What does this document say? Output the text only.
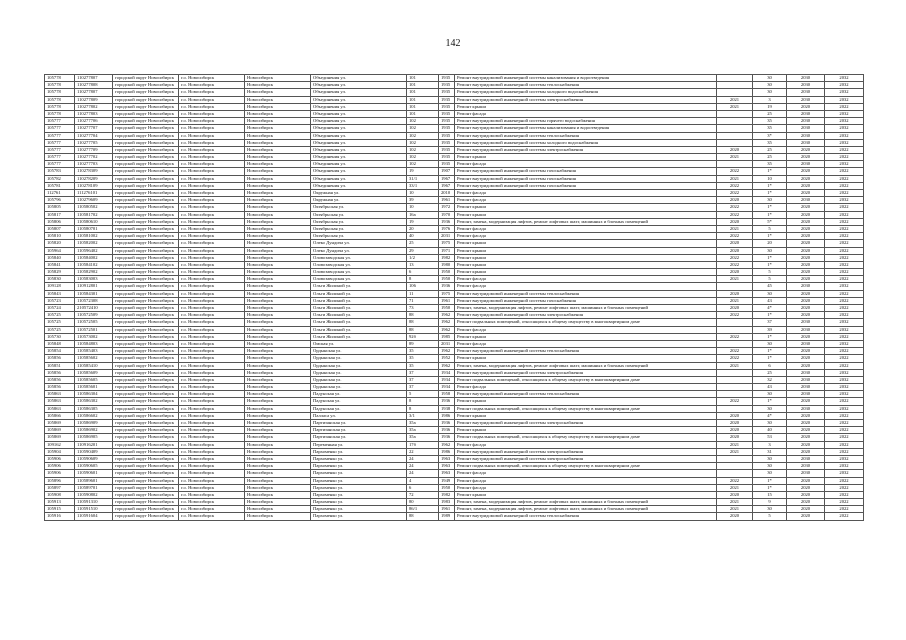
142
105778	110277807	городской округ Новосибирск	г.о. Новосибирск	Новосибирск	Объединения ул.	101	1935	Ремонт внутридомовой инженерной системы канализования и водоотведения		30	2030	2032
105778	110277808	городской округ Новосибирск	г.о. Новосибирск	Новосибирск	Объединения ул.	101	1935	Ремонт внутридомовой инженерной системы теплоснабжения		30	2030	2032
105778	110277807	городской округ Новосибирск	г.о. Новосибирск	Новосибирск	Объединения ул.	101	1935	Ремонт внутридомовой инженерной системы холодного водоснабжения		30	2030	2032
105778	110277809	городской округ Новосибирск	г.о. Новосибирск	Новосибирск	Объединения ул.	101	1935	Ремонт внутридомовой инженерной системы электроснабжения	2021	3	2030	2032
105778	110277802	городской округ Новосибирск	г.о. Новосибирск	Новосибирск	Объединения ул.	101	1935	Ремонт крыши	2021	19	2020	2022
105778	110277803	городской округ Новосибирск	г.о. Новосибирск	Новосибирск	Объединения ул.	101	1935	Ремонт фасада		25	2030	2032
105777	110277706	городской округ Новосибирск	г.о. Новосибирск	Новосибирск	Объединения ул.	102	1935	Ремонт внутридомовой инженерной системы горячего водоснабжения		35	2030	2032
105777	110277707	городской округ Новосибирск	г.о. Новосибирск	Новосибирск	Объединения ул.	102	1935	Ремонт внутридомовой инженерной системы канализования и водоотведения		35	2030	2032
105777	110277704	городской округ Новосибирск	г.о. Новосибирск	Новосибирск	Объединения ул.	102	1935	Ремонт внутридомовой инженерной системы теплоснабжения		3*	2030	2032
105777	110277705	городской округ Новосибирск	г.о. Новосибирск	Новосибирск	Объединения ул.	102	1935	Ремонт внутридомовой инженерной системы холодного водоснабжения		35	2030	2032
105777	110277709	городской округ Новосибирск	г.о. Новосибирск	Новосибирск	Объединения ул.	102	1935	Ремонт внутридомовой инженерной системы электроснабжения	2020	25	2020	2022
105777	110277702	городской округ Новосибирск	г.о. Новосибирск	Новосибирск	Объединения ул.	102	1935	Ремонт крыши	2021	25	2020	2022
105777	110277703	городской округ Новосибирск	г.о. Новосибирск	Новосибирск	Объединения ул.	102	1935	Ремонт фасада		35	2030	2032
105783	110278309	городской округ Новосибирск	г.о. Новосибирск	Новосибирск	Объединения ул.	19	1907	Ремонт внутридомовой инженерной системы газоснабжения	2022	1*	2020	2022
105782	110278209	городской округ Новосибирск	г.о. Новосибирск	Новосибирск	Объединения ул.	31/1	1967	Ремонт внутридомовой инженерной системы газоснабжения	2021	10	2020	2022
105781	110278109	городской округ Новосибирск	г.о. Новосибирск	Новосибирск	Объединения ул.	33/1	1967	Ремонт внутридомовой инженерной системы газоснабжения	2022	1*	2020	2022
112761	111276101	городской округ Новосибирск	г.о. Новосибирск	Новосибирск	Окружная ул.	10	2010	Ремонт фасада	2022	1*	2020	2022
105796	110279609	городской округ Новосибирск	г.о. Новосибирск	Новосибирск	Окружная ул.	39	1961	Ремонт фасада	2020	30	2030	2032
105805	110580502	городской округ Новосибирск	г.о. Новосибирск	Новосибирск	Октябрьская ул.	10	1972	Ремонт крыши	2022	1*	2020	2022
105817	110581702	городской округ Новосибирск	г.о. Новосибирск	Новосибирск	Октябрьская ул.	16а	1970	Ремонт крыши	2022	1*	2020	2022
105806	110580610	городской округ Новосибирск	г.о. Новосибирск	Новосибирск	Октябрьская ул.	19	1936	Ремонт, замена, модернизация лифтов, ремонт лифтовых шахт, машинных и блочных помещений	2020	5*	2020	2022
105807	110580701	городской округ Новосибирск	г.о. Новосибирск	Новосибирск	Октябрьская ул.	20	1976	Ремонт фасада	2021	5	2020	2022
105810	110581002	городской округ Новосибирск	г.о. Новосибирск	Новосибирск	Октябрьская ул.	40	2031	Ремонт фасада	2022	1*	2020	2022
105820	110582002	городской округ Новосибирск	г.о. Новосибирск	Новосибирск	Олеко Дундича ул.	25	1975	Ремонт крыши	2020	20	2020	2022
105964	110596402	городской округ Новосибирск	г.о. Новосибирск	Новосибирск	Олеко Дундича ул.	29	1971	Ремонт крыши	2020	30	2020	2022
105840	110584002	городской округ Новосибирск	г.о. Новосибирск	Новосибирск	Оловозаводская ул.	1/2	1982	Ремонт крыши	2022	1*	2020	2022
105841	110584102	городской округ Новосибирск	г.о. Новосибирск	Новосибирск	Оловозаводская ул.	13	1980	Ремонт крыши	2022	1*	2020	2022
105829	110582902	городской округ Новосибирск	г.о. Новосибирск	Новосибирск	Оловозаводская ул.	6	1950	Ремонт крыши	2020	5	2020	2022
105830	110583003	городской округ Новосибирск	г.о. Новосибирск	Новосибирск	Оловозаводская ул.	8	1950	Ремонт фасада	2021	5	2020	2022
109128	110912801	городской округ Новосибирск	г.о. Новосибирск	Новосибирск	Ольги Жилиной ул.	106	1936	Ремонт фасада		45	2030	2032
105843	110584301	городской округ Новосибирск	г.о. Новосибирск	Новосибирск	Ольги Жилиной ул.	11	1975	Ремонт внутридомовой инженерной системы теплоснабжения	2020	30	2020	2022
105723	110572308	городской округ Новосибирск	г.о. Новосибирск	Новосибирск	Ольги Жилиной ул.	71	1961	Ремонт внутридомовой инженерной системы газоснабжения	2021	43	2020	2022
105724	210572410	городской округ Новосибирск	г.о. Новосибирск	Новосибирск	Ольги Жилиной ул.	73	1950	Ремонт, замена, модернизация лифтов, ремонт лифтовых шахт, машинных и блочных помещений	2020	4*	2020	2022
105725	110572509	городской округ Новосибирск	г.о. Новосибирск	Новосибирск	Ольги Жилиной ул.	88	1962	Ремонт внутридомовой инженерной системы электроснабжения	2022	1*	2020	2022
105725	110572505	городской округ Новосибирск	г.о. Новосибирск	Новосибирск	Ольги Жилиной ул.	88	1962	Ремонт подвальных помещений, относящихся к общему имуществу в многоквартирном доме		37	2030	2032
105725	110572501	городской округ Новосибирск	г.о. Новосибирск	Новосибирск	Ольги Жилиной ул.	88	1962	Ремонт фасада		39	2030	2032
105730	110573002	городской округ Новосибирск	г.о. Новосибирск	Новосибирск	Ольги Жилиной ул.	92б	1985	Ремонт крыши	2022	1*	2020	2022
105848	110584803	городской округ Новосибирск	г.о. Новосибирск	Новосибирск	Омская ул.	89	2031	Ремонт фасада		30	2030	2032
105854	110585403	городской округ Новосибирск	г.о. Новосибирск	Новосибирск	Ордынская ул.	35	1962	Ремонт внутридомовой инженерной системы теплоснабжения	2022	1*	2020	2022
105856	110585602	городской округ Новосибирск	г.о. Новосибирск	Новосибирск	Ордынская ул.	35	1952	Ремонт крыши	2022	1*	2020	2022
105851	110585410	городской округ Новосибирск	г.о. Новосибирск	Новосибирск	Ордынская ул.	35	1962	Ремонт, замена, модернизация лифтов, ремонт лифтовых шахт, машинных и блочных помещений	2021	6	2020	2022
105856	110585609	городской округ Новосибирск	г.о. Новосибирск	Новосибирск	Ордынская ул.	37	1934	Ремонт внутридомовой инженерной системы электроснабжения		25	2030	2032
105856	110585605	городской округ Новосибирск	г.о. Новосибирск	Новосибирск	Ордынская ул.	37	1934	Ремонт подвальных помещений, относящихся к общему имуществу в многоквартирном доме		32	2030	2032
105856	110585601	городской округ Новосибирск	г.о. Новосибирск	Новосибирск	Ордынская ул.	37	1934	Ремонт фасада		43	2030	2032
105863	110586304	городской округ Новосибирск	г.о. Новосибирск	Новосибирск	Падунская ул.	5	1958	Ремонт внутридомовой инженерной системы теплоснабжения		30	2030	2032
105863	110586302	городской округ Новосибирск	г.о. Новосибирск	Новосибирск	Падунская ул.	8	1936	Ремонт крыши	2022	1*	2020	2022
105863	110586305	городской округ Новосибирск	г.о. Новосибирск	Новосибирск	Падунская ул.	8	1938	Ремонт подвальных помещений, относящихся к общему имуществу в многоквартирном доме		30	2030	2032
105866	110586602	городской округ Новосибирск	г.о. Новосибирск	Новосибирск	Палласа ул.	3/1	1986	Ремонт крыши	2020	4*	2020	2022
105869	110586909	городской округ Новосибирск	г.о. Новосибирск	Новосибирск	Партизанская ул.	35а	1936	Ремонт внутридомовой инженерной системы электроснабжения	2020	30	2020	2022
105869	110586902	городской округ Новосибирск	г.о. Новосибирск	Новосибирск	Партизанская ул.	35а	1936	Ремонт крыши	2020	40	2020	2022
105869	110586905	городской округ Новосибирск	г.о. Новосибирск	Новосибирск	Партизанская ул.	35а	1936	Ремонт подвальных помещений, относящихся к общему имуществу в многоквартирном доме	2020	53	2020	2022
109162	110916201	городской округ Новосибирск	г.о. Новосибирск	Новосибирск	Переменная ул.	17б	1962	Ремонт фасада	2021	3	2020	2022
105904	110590409	городской округ Новосибирск	г.о. Новосибирск	Новосибирск	Пархоменко ул.	22	1986	Ремонт внутридомовой инженерной системы электроснабжения	2021	31	2020	2022
105906	110590609	городской округ Новосибирск	г.о. Новосибирск	Новосибирск	Пархоменко ул.	24	1963	Ремонт внутридомовой инженерной системы электроснабжения		30	2030	2032
105906	110590605	городской округ Новосибирск	г.о. Новосибирск	Новосибирск	Пархоменко ул.	24	1963	Ремонт подвальных помещений, относящихся к общему имуществу в многоквартирном доме		30	2030	2032
105906	110590601	городской округ Новосибирск	г.о. Новосибирск	Новосибирск	Пархоменко ул.	24	1963	Ремонт фасада		30	2030	2032
105896	110589601	городской округ Новосибирск	г.о. Новосибирск	Новосибирск	Пархоменко ул.	4	1949	Ремонт фасада	2022	1*	2020	2022
105897	110589701	городской округ Новосибирск	г.о. Новосибирск	Новосибирск	Пархоменко ул.	6	1950	Ремонт фасада	2021	1*	2020	2022
105908	110590802	городской округ Новосибирск	г.о. Новосибирск	Новосибирск	Пархоменко ул.	72	1982	Ремонт крыши	2020	15	2020	2022
105913	110591310	городской округ Новосибирск	г.о. Новосибирск	Новосибирск	Пархоменко ул.	80	1983	Ремонт, замена, модернизация лифтов, ремонт лифтовых шахт, машинных и блочных помещений	2021	9	2020	2022
105915	110591510	городской округ Новосибирск	г.о. Новосибирск	Новосибирск	Пархоменко ул.	86/1	1961	Ремонт, замена, модернизация лифтов, ремонт лифтовых шахт, машинных и блочных помещений	2021	30	2020	2022
105916	110591604	городской округ Новосибирск	г.о. Новосибирск	Новосибирск	Пархоменко ул.	88	1989	Ремонт внутридомовой инженерной системы теплоснабжения	2020	5	2020	2022
